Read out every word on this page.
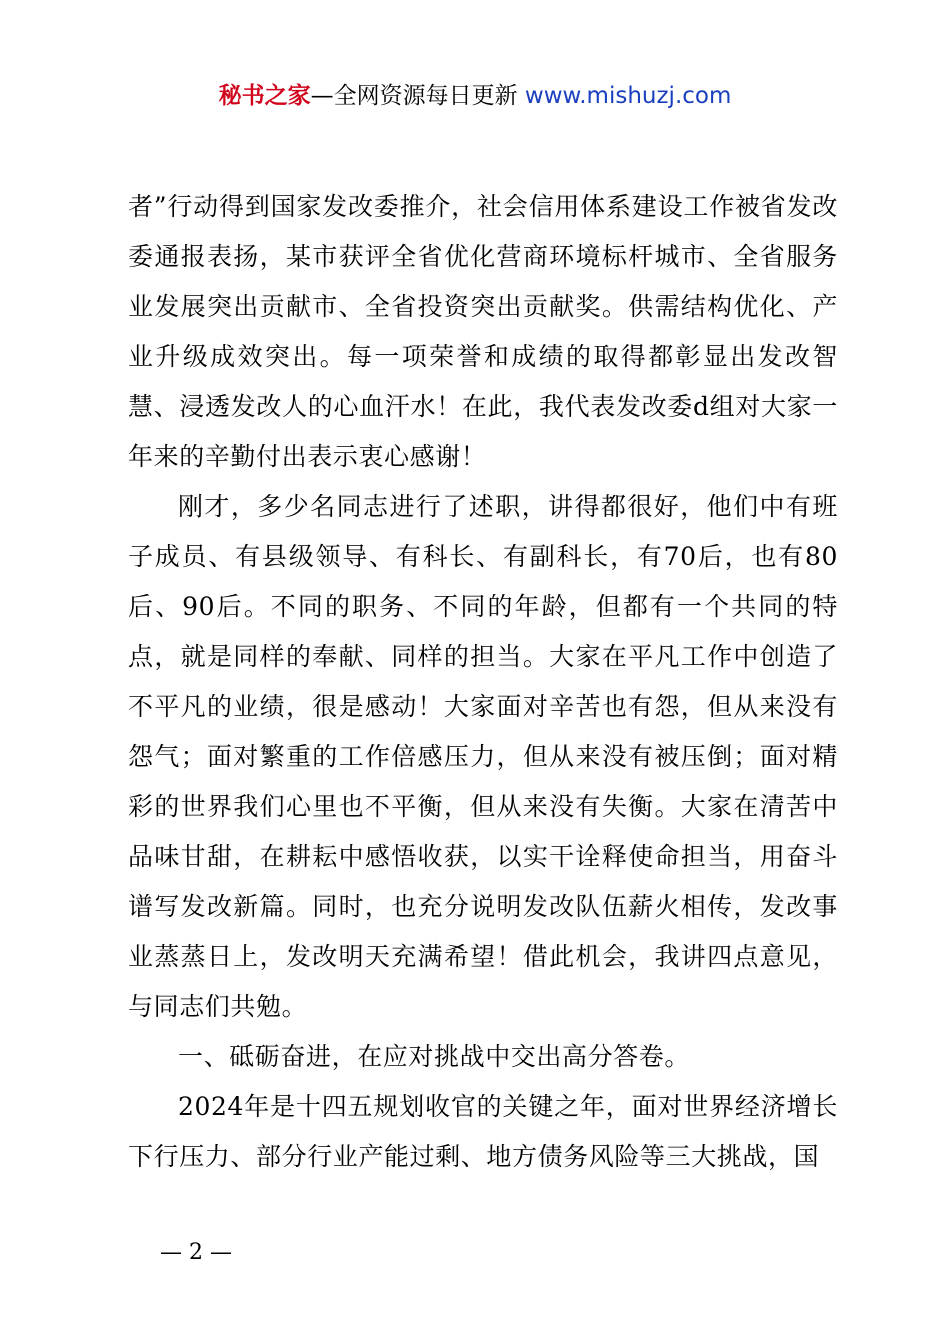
秘书之家—全网资源每日更新 www.mishuzj.com

者”行动得到国家发改委推介，社会信用体系建设工作被省发改委通报表扬，某市获评全省优化营商环境标杆城市、全省服务业发展突出贡献市、全省投资突出贡献奖。供需结构优化、产业升级成效突出。每一项荣誉和成绩的取得都彰显出发改智慧、浸透发改人的心血汗水！在此，我代表发改委d组对大家一年来的辛勤付出表示衷心感谢！

刚才，多少名同志进行了述职，讲得都很好，他们中有班子成员、有县级领导、有科长、有副科长，有70后，也有80后、90后。不同的职务、不同的年龄，但都有一个共同的特点，就是同样的奉献、同样的担当。大家在平凡工作中创造了不平凡的业绩，很是感动！大家面对辛苦也有怨，但从来没有怨气；面对繁重的工作倍感压力，但从来没有被压倒；面对精彩的世界我们心里也不平衡，但从来没有失衡。大家在清苦中品味甘甜，在耕耘中感悟收获，以实干诠释使命担当，用奋斗谱写发改新篇。同时，也充分说明发改队伍薪火相传，发改事业蒸蒸日上，发改明天充满希望！借此机会，我讲四点意见，与同志们共勉。

一、砥砺奋进，在应对挑战中交出高分答卷。

2024年是十四五规划收官的关键之年，面对世界经济增长下行压力、部分行业产能过剩、地方债务风险等三大挑战，国

— 2 —
